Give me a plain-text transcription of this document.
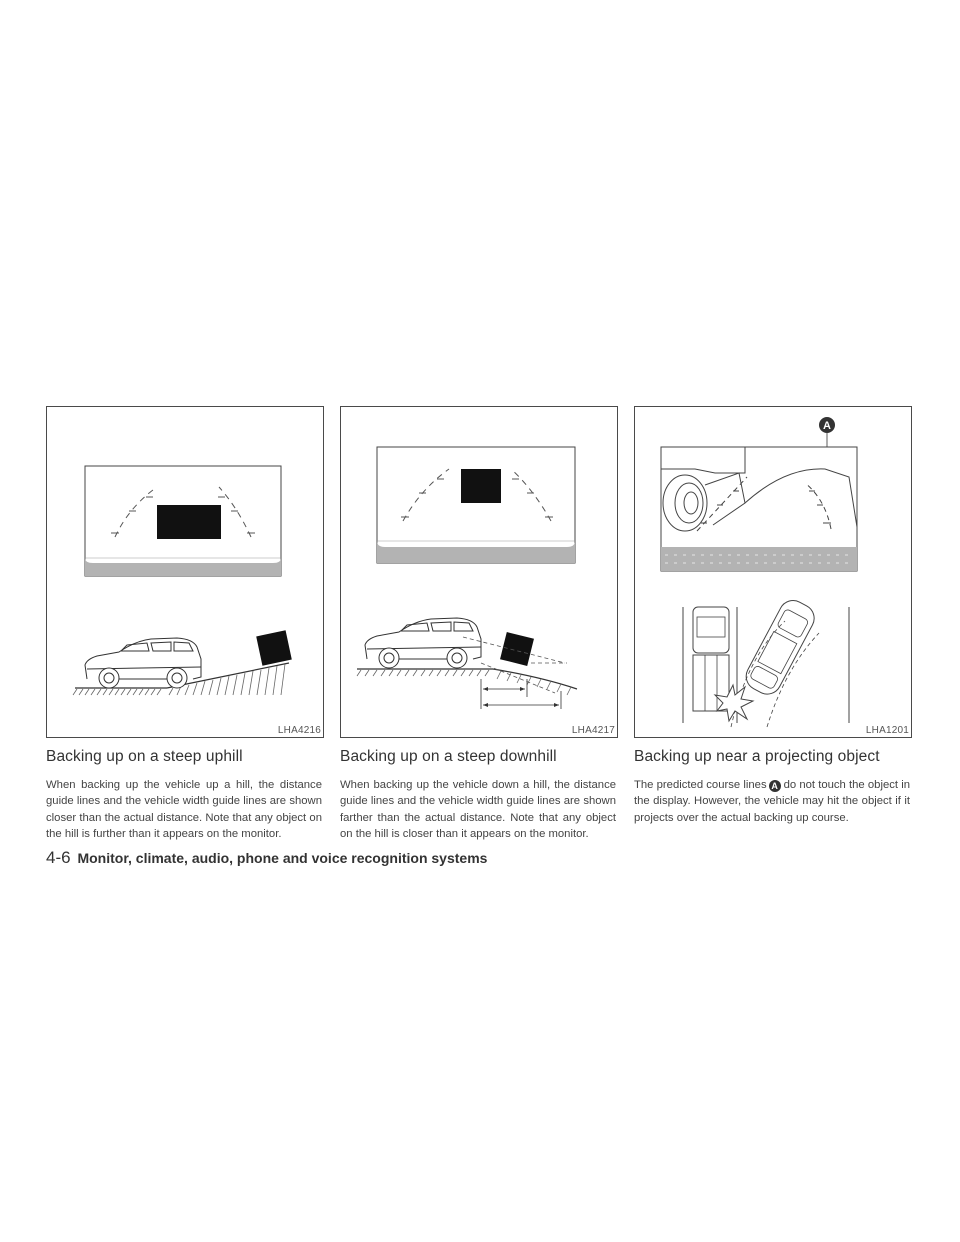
LHA4216
Backing up on a steep uphill

When backing up the vehicle up a hill, the distance guide lines and the vehicle width guide lines are shown closer than the actual distance. Note that any object on the hill is further than it appears on the monitor.

LHA4217
Backing up on a steep downhill

When backing up the vehicle down a hill, the distance guide lines and the vehicle width guide lines are shown farther than the actual distance. Note that any object on the hill is closer than it appears on the monitor.

A
LHA1201
Backing up near a projecting object

The predicted course lines A do not touch the object in the display. However, the vehicle may hit the object if it projects over the actual backing up course.

4-6 Monitor, climate, audio, phone and voice recognition systems
